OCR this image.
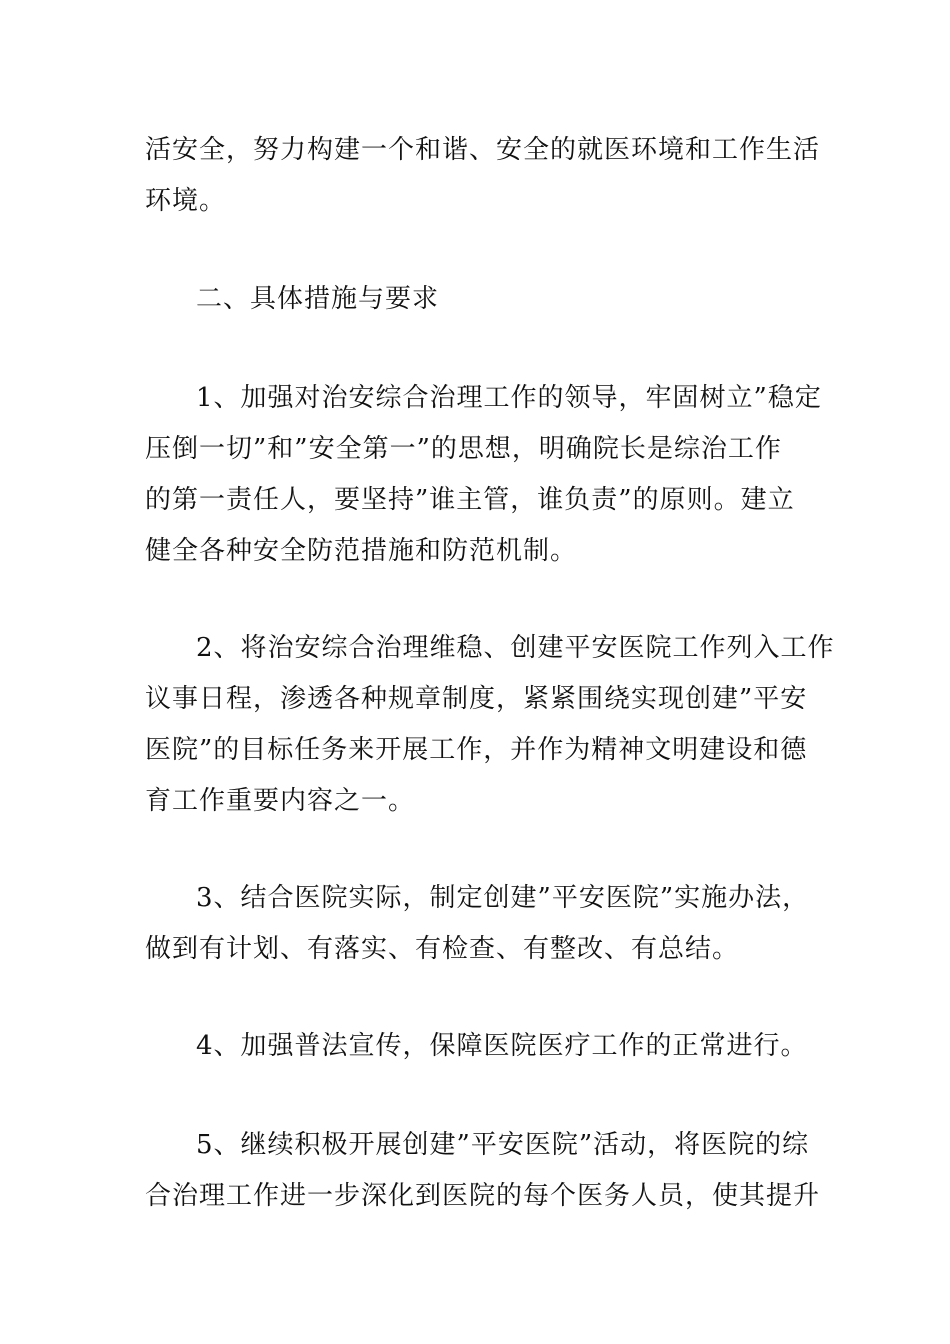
活安全，努力构建一个和谐、安全的就医环境和工作生活
环境。
二、具体措施与要求
1、加强对治安综合治理工作的领导，牢固树立”稳定
压倒一切”和”安全第一”的思想，明确院长是综治工作
的第一责任人，要坚持”谁主管，谁负责”的原则。建立
健全各种安全防范措施和防范机制。
2、将治安综合治理维稳、创建平安医院工作列入工作
议事日程，渗透各种规章制度，紧紧围绕实现创建”平安
医院”的目标任务来开展工作，并作为精神文明建设和德
育工作重要内容之一。
3、结合医院实际，制定创建”平安医院”实施办法，
做到有计划、有落实、有检查、有整改、有总结。
4、加强普法宣传，保障医院医疗工作的正常进行。
5、继续积极开展创建”平安医院”活动，将医院的综
合治理工作进一步深化到医院的每个医务人员，使其提升
